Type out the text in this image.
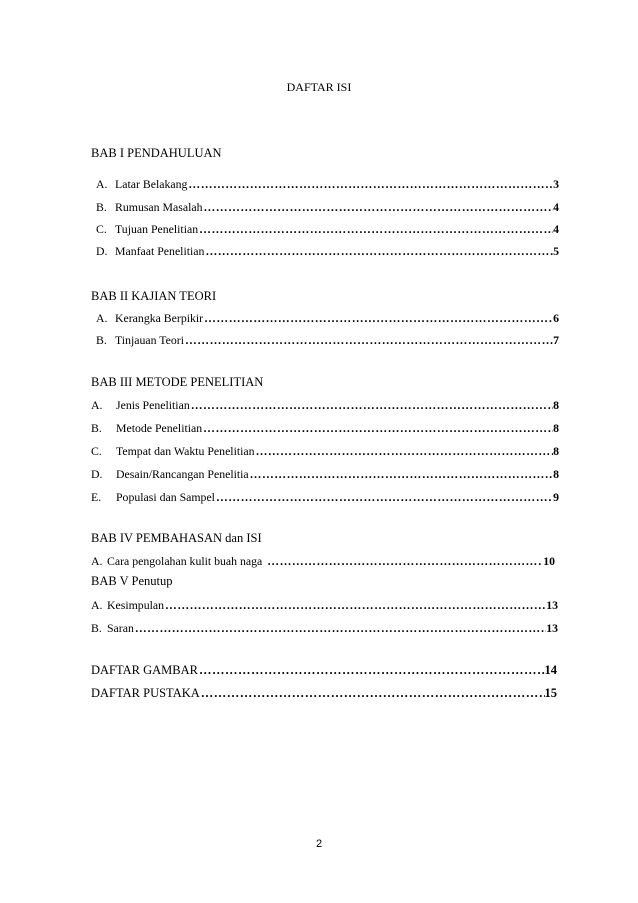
DAFTAR ISI
BAB I PENDAHULUAN
A. Latar Belakang ……………………………………………………………………………………………………………………………………………………………………	3
B. Rumusan Masalah ……………………………………………………………………………………………………………………………………………………………………	4
C. Tujuan Penelitian ……………………………………………………………………………………………………………………………………………………………………	4
D. Manfaat Penelitian ……………………………………………………………………………………………………………………………………………………………………	5
BAB II KAJIAN TEORI
A. Kerangka Berpikir ……………………………………………………………………………………………………………………………………………………………………	6
B. Tinjauan Teori ……………………………………………………………………………………………………………………………………………………………………	7
BAB III METODE PENELITIAN
A.	Jenis Penelitian ……………………………………………………………………………………………………………………………………………………………………	8
B.	Metode Penelitian ……………………………………………………………………………………………………………………………………………………………………	8
C.	Tempat dan Waktu Penelitian ……………………………………………………………………………………………………………………………………………………………………	8
D.	Desain/Rancangan Penelitia ……………………………………………………………………………………………………………………………………………………………………	8
E.	Populasi dan Sampel ……………………………………………………………………………………………………………………………………………………………………	9
BAB IV PEMBAHASAN dan ISI
A. Cara pengolahan kulit buah naga ……………………………………………………………………………………………………………………………………………………………………	10
BAB V Penutup
A. Kesimpulan ……………………………………………………………………………………………………………………………………………………………………	13
B. Saran ……………………………………………………………………………………………………………………………………………………………………	13
DAFTAR GAMBAR ……………………………………………………………………………………………………………………………………………………………………	14
DAFTAR PUSTAKA ……………………………………………………………………………………………………………………………………………………………………	15
2
